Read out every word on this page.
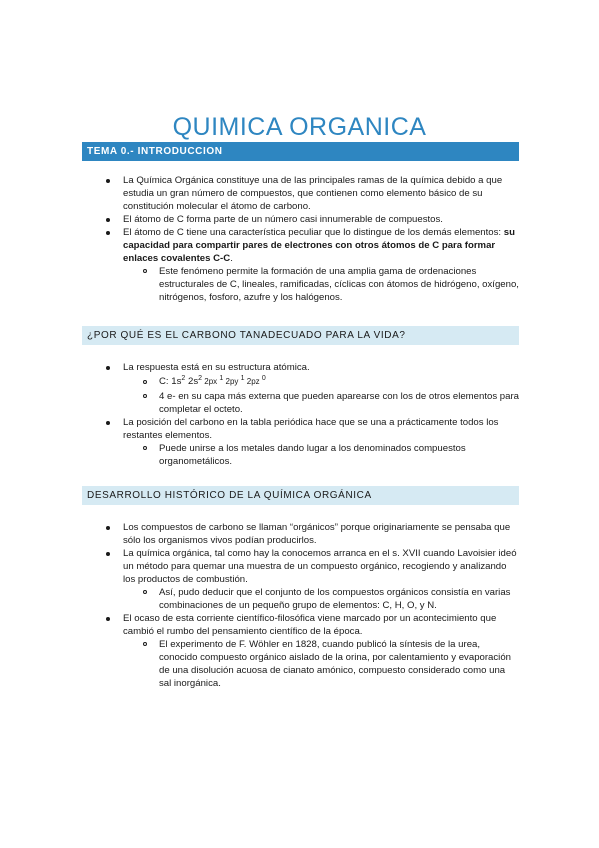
QUIMICA ORGANICA
TEMA 0.- INTRODUCCION
La Química Orgánica constituye una de las principales ramas de la química debido a que estudia un gran número de compuestos, que contienen como elemento básico de su constitución molecular el átomo de carbono.
El átomo de C forma parte de un número casi innumerable de compuestos.
El átomo de C tiene una característica peculiar que lo distingue de los demás elementos: su capacidad para compartir pares de electrones con otros átomos de C para formar enlaces covalentes C-C.
Este fenómeno permite la formación de una amplia gama de ordenaciones estructurales de C, lineales, ramificadas, cíclicas con átomos de hidrógeno, oxígeno, nitrógenos, fosforo, azufre y los halógenos.
¿POR QUÉ ES EL CARBONO TANADECUADO PARA LA VIDA?
La respuesta está en su estructura atómica.
C: $1s^2$ $2s^2$ 2px $^1$ 2py $^1$ 2pz $^0$
4 e- en su capa más externa que pueden aparearse con los de otros elementos para completar el octeto.
La posición del carbono en la tabla periódica hace que se una a prácticamente todos los restantes elementos.
Puede unirse a los metales dando lugar a los denominados compuestos organometálicos.
DESARROLLO HISTÓRICO DE LA QUÍMICA ORGÁNICA
Los compuestos de carbono se llaman “orgánicos” porque originariamente se pensaba que sólo los organismos vivos podían producirlos.
La química orgánica, tal como hay la conocemos arranca en el s. XVII cuando Lavoisier ideó un método para quemar una muestra de un compuesto orgánico, recogiendo y analizando los productos de combustión.
Así, pudo deducir que el conjunto de los compuestos orgánicos consistía en varias combinaciones de un pequeño grupo de elementos: C, H, O, y N.
El ocaso de esta corriente científico-filosófica viene marcado por un acontecimiento que cambió el rumbo del pensamiento científico de la época.
El experimento de F. Wöhler en 1828, cuando publicó la síntesis de la urea, conocido compuesto orgánico aislado de la orina, por calentamiento y evaporación de una disolución acuosa de cianato amónico, compuesto considerado como una sal inorgánica.
